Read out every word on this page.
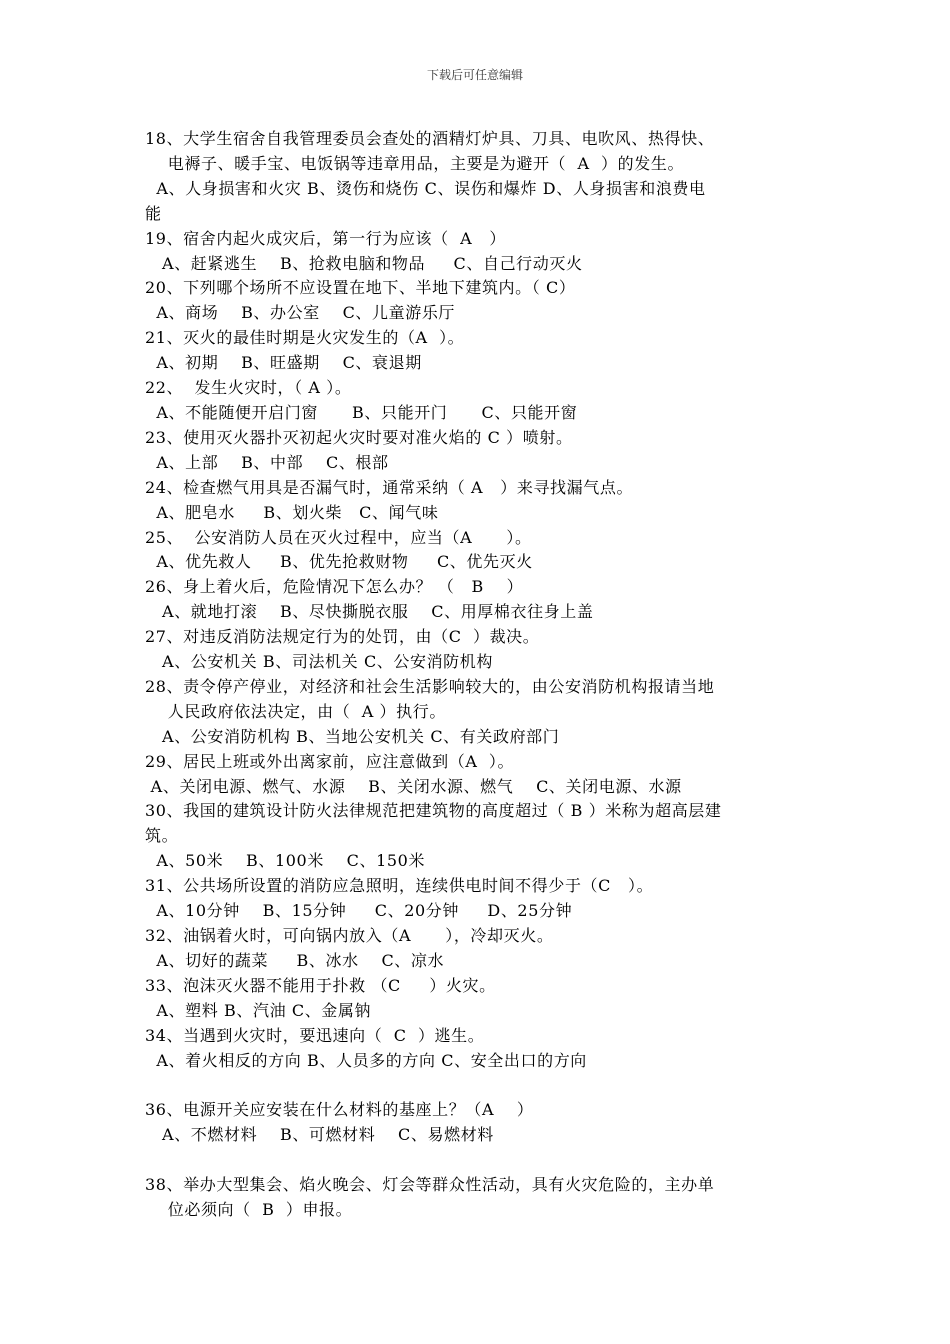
下载后可任意编辑
18、大学生宿舍自我管理委员会查处的酒精灯炉具、刀具、电吹风、热得快、
电褥子、暖手宝、电饭锅等违章用品，主要是为避开（  A  ）的发生。
A、人身损害和火灾 B、烫伤和烧伤 C、误伤和爆炸 D、人身损害和浪费电
能
19、宿舍内起火成灾后，第一行为应该（  A   ）
A、赶紧逃生    B、抢救电脑和物品     C、自己行动灭火
20、下列哪个场所不应设置在地下、半地下建筑内。（ C）
A、商场    B、办公室    C、儿童游乐厅
21、灭火的最佳时期是火灾发生的（A  ）。
A、初期    B、旺盛期    C、衰退期
22、  发生火灾时，（ A ）。
A、不能随便开启门窗      B、只能开门      C、只能开窗
23、使用灭火器扑灭初起火灾时要对准火焰的 C ）喷射。
A、上部    B、中部    C、根部
24、检查燃气用具是否漏气时，通常采纳（ A   ）来寻找漏气点。
A、肥皂水     B、划火柴   C、闻气味
25、  公安消防人员在灭火过程中，应当（A      ）。
A、优先救人     B、优先抢救财物     C、优先灭火
26、身上着火后，危险情况下怎么办？ （   B    ）
A、就地打滚    B、尽快撕脱衣服    C、用厚棉衣往身上盖
27、对违反消防法规定行为的处罚，由（C  ）裁决。
A、公安机关 B、司法机关 C、公安消防机构
28、责令停产停业，对经济和社会生活影响较大的，由公安消防机构报请当地
人民政府依法决定，由（  A ）执行。
A、公安消防机构 B、当地公安机关 C、有关政府部门
29、居民上班或外出离家前，应注意做到（A  ）。
A、关闭电源、燃气、水源    B、关闭水源、燃气    C、关闭电源、水源
30、我国的建筑设计防火法律规范把建筑物的高度超过（ B ）米称为超高层建
筑。
A、50米    B、100米    C、150米
31、公共场所设置的消防应急照明，连续供电时间不得少于（C   ）。
A、10分钟    B、15分钟     C、20分钟     D、25分钟
32、油锅着火时，可向锅内放入（A      ），冷却灭火。
A、切好的蔬菜     B、冰水    C、凉水
33、泡沫灭火器不能用于扑救 （C     ）火灾。
A、塑料 B、汽油 C、金属钠
34、当遇到火灾时，要迅速向（  C  ）逃生。
A、着火相反的方向 B、人员多的方向 C、安全出口的方向
36、电源开关应安装在什么材料的基座上？（A    ）
A、不燃材料    B、可燃材料    C、易燃材料
38、举办大型集会、焰火晚会、灯会等群众性活动，具有火灾危险的，主办单
位必须向（  B  ）申报。
